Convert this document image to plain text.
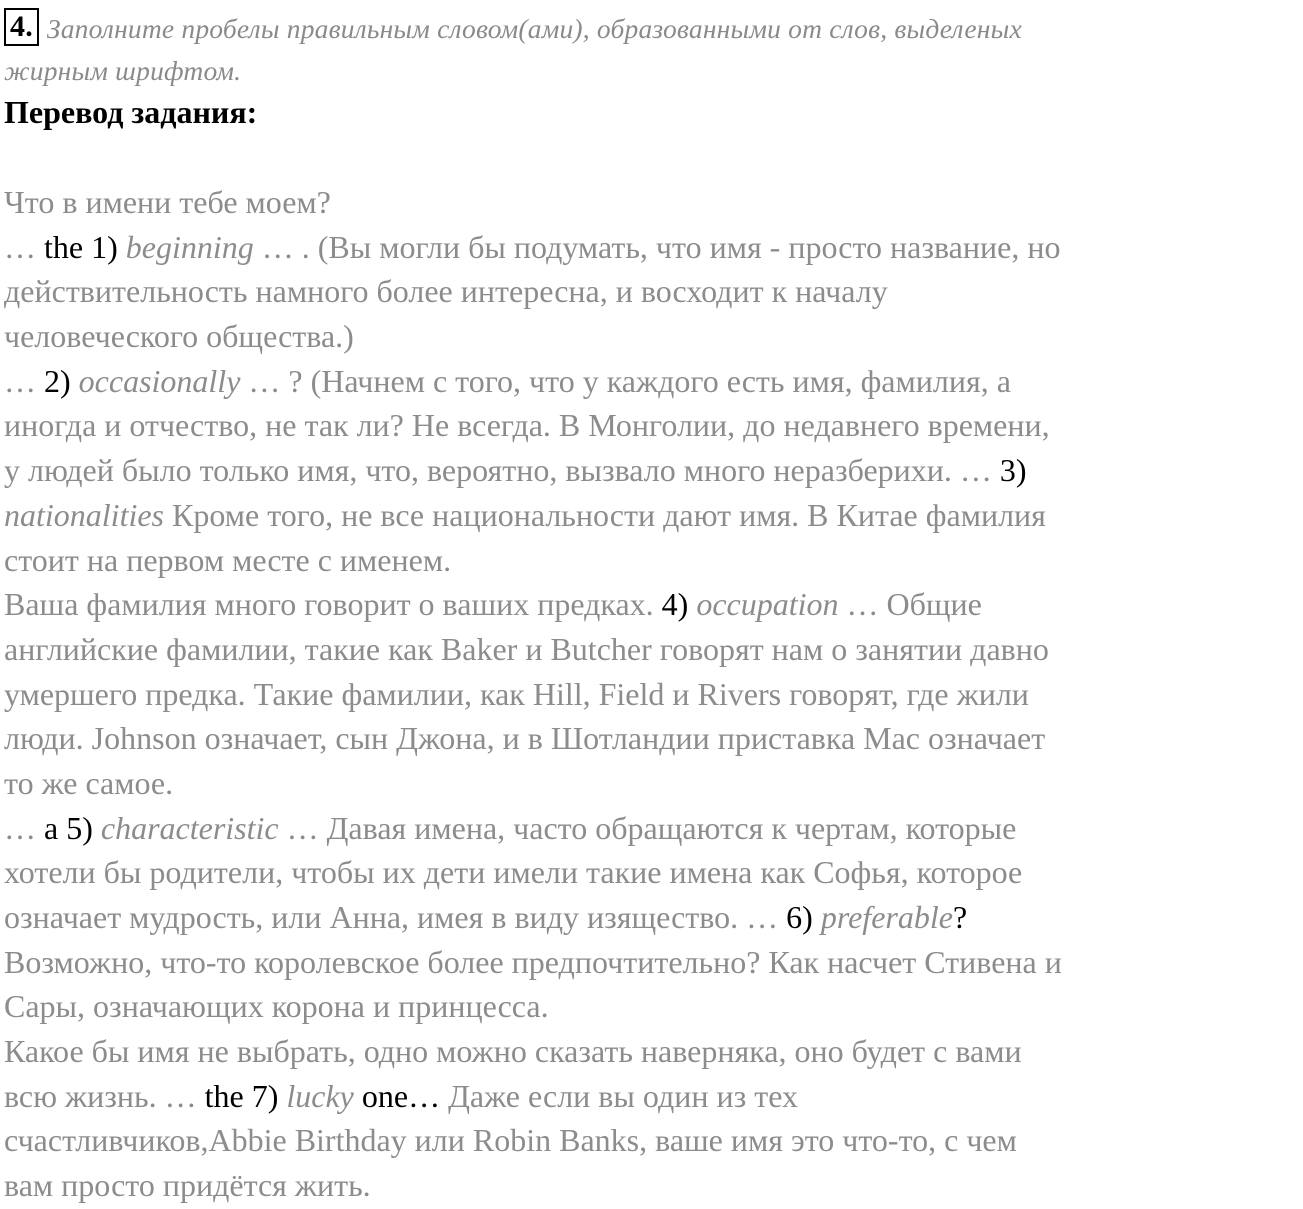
4. Заполните пробелы правильным словом(ами), образованными от слов, выделеных
жирным шрифтом.
Перевод задания:
Что в имени тебе моем?
… the 1) beginning … . (Вы могли бы подумать, что имя - просто название, но
действительность намного более интересна, и восходит к началу
человеческого общества.)
… 2) occasionally … ? (Начнем с того, что у каждого есть имя, фамилия, а
иногда и отчество, не так ли? Не всегда. В Монголии, до недавнего времени,
у людей было только имя, что, вероятно, вызвало много неразберихи. … 3)
nationalities Кроме того, не все национальности дают имя. В Китае фамилия
стоит на первом месте с именем.
Ваша фамилия много говорит о ваших предках. 4) occupation … Общие
английские фамилии, такие как Baker и Butcher говорят нам о занятии давно
умершего предка. Такие фамилии, как Hill, Field и Rivers говорят, где жили
люди. Johnson означает, сын Джона, и в Шотландии приставка Mac означает
то же самое.
… a 5) characteristic … Давая имена, часто обращаются к чертам, которые
хотели бы родители, чтобы их дети имели такие имена как Софья, которое
означает мудрость, или Анна, имея в виду изящество. … 6) preferable?
Возможно, что-то королевское более предпочтительно? Как насчет Стивена и
Сары, означающих корона и принцесса.
Какое бы имя не выбрать, одно можно сказать наверняка, оно будет с вами
всю жизнь. … the 7) lucky one… Даже если вы один из тех
счастливчиков,Abbie Birthday или Robin Banks, ваше имя это что-то, с чем
вам просто придётся жить.
